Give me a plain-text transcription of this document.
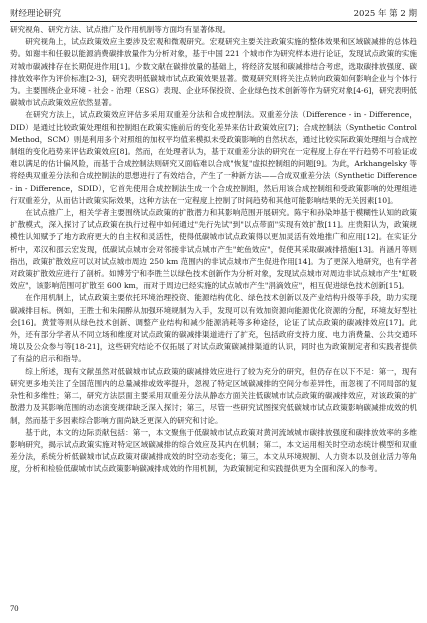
财经理论研究	2025 年 第 2 期

研究视角、研究方法、试点推广及作用机制等方面均有显著体现。

研究视角上，试点政策效应主要涉及宏观和微观研究。宏观研究主要关注政策实施的整体效果和区域碳减排的总体趋势。如谢丰和任毅以能源消费碳排放量作为分析对象，基于中国 221 个城市作为研究样本进行论证，发现试点政策的实施对城市碳减排存在长期促进作用[1]。少数文献在碳排放量的基础上，将经济发展和碳减排结合考虑，选取碳排放强度、碳排放效率作为评价标准[2-3]，研究表明低碳城市试点政策效果显著。微观研究则将关注点转向政策如何影响企业与个体行为。主要围绕企业环境 - 社会 - 治理（ESG）表现、企业环保投资、企业绿色技术创新等作为研究对象[4-6]，研究表明低碳城市试点政策效应依然显著。

在研究方法上，试点政策效应评估多采用双重差分法和合成控制法。双重差分法（Difference - in - Difference，DID）是通过比较政策处理组和控制组在政策实施前后的变化差异来估计政策效应[7]；合成控制法（Synthetic Control Method，SCM）则是利用多个对照组的加权平均值来模拟未受政策影响的自然状态，通过比较实际政策处理组与合成控制组的变化趋势来评估政策效应[8]。然而，在处理者认为，基于双重差分法的研究在一定程度上存在平行趋势不可验证或难以满足的估计偏风险，而基于合成控制法则研究又面临难以合成"恢复"虚拟控制组的问题[9]。为此，Arkhangelsky 等将经典双重差分法和合成控制法的思想进行了有效结合，产生了一种新方法——合成双重差分法（Synthetic Difference - in - Difference，SDID），它首先使用合成控制法生成一个合成控制组，然后用该合成控制组和受政策影响的处理组进行双重差分，从而估计政策实际效果，这种方法在一定程度上控制了时间趋势和其他可能影响结果的无关因素[10]。

在试点推广上，相关学者主要围绕试点政策的扩散潜力和其影响范围开展研究。陈宇和孙染坤基于模糊性认知的政策扩散模式，深入探讨了试点政策在执行过程中如何通过"先行先试"到"以点带面"实现有效扩散[11]。庄贵阳认为，政策规模性认知赋予了地方政府更大的自主权和灵活性，使得低碳城市试点政策得以更加灵活有效地推广和应用[12]。在实证分析中，邓汉和邵云宏发现，低碳试点城市会对邻接非试点城市产生"蛇鱼效应"，促使其采取碳减排措施[13]。肖涵月等则指出，政策扩散效应可以对试点城市周边 250 km 范围内的非试点城市产生促进作用[14]。为了更深入地研究，也有学者对政策扩散效应进行了剖析。如博芳宁和李胜兰以绿色技术创新作为分析对象，发现试点城市对周边非试点城市产生"虹吸效应"，该影响范围可扩散至 600 km，而对于周边已经实施的试点城市产生"涓滴效应"，相互促进绿色技术创新[15]。

在作用机制上，试点政策主要依托环境治理投资、能源结构优化、绿色技术创新以及产业结构升级等手段，助力实现碳减排目标。例如，王胜士和朱闹醉从加强环境规制为入手，发现可以有效加资源向能源优化资源的分配，环境友好型社会[16]。黄萱等则从绿色技术创新、调整产业结构和减少能源消耗等多种途径，论证了试点政策的碳减排效应[17]。此外，还有部分学者从不同立场和维度对试点政策的碳减排渠道进行了扩充，包括政府支持力度、电力消费量、公共交通环境以及公众参与等[18-21]，这些研究结论不仅拓展了对试点政策碳减排渠道的认识，同时也为政策制定者和实践者提供了有益的启示和指导。

综上所述，现有文献虽然对低碳城市试点政策的碳减排效应进行了较为充分的研究，但仍存在以下不足：第一，现有研究更多地关注了全国范围内的总量减排或效率提升，忽视了特定区域碳减排的空间分布差异性，而忽视了不同局部的复杂性和多维性；第二，研究方法层面主要采用双重差分法从静态方面关注低碳城市试点政策的碳减排效应，对该政策的扩散潜力及其影响范围的动态演变规律缺乏深入探讨；第三，尽管一些研究试图探究低碳城市试点政策影响碳减排成效的机制，然而基于多因素综合影响方面尚缺乏更深入的研究和讨论。

基于此，本文的边际贡献包括：第一，本文聚焦于低碳城市试点政策对黄河流域城市碳排放强度和碳排放效率的多维影响研究，揭示试点政策实施对特定区域碳减排的综合效应及其内在机制；第二，本文运用相关时空动态统计模型和双重差分法，系统分析低碳城市试点政策对碳减排成效的时空动态变化；第三，本文从环境规制、人力资本以及创业活力等角度，分析和检验低碳城市试点政策影响碳减排成效的作用机制，为政策制定和实践提供更为全面和深入的参考。

70
